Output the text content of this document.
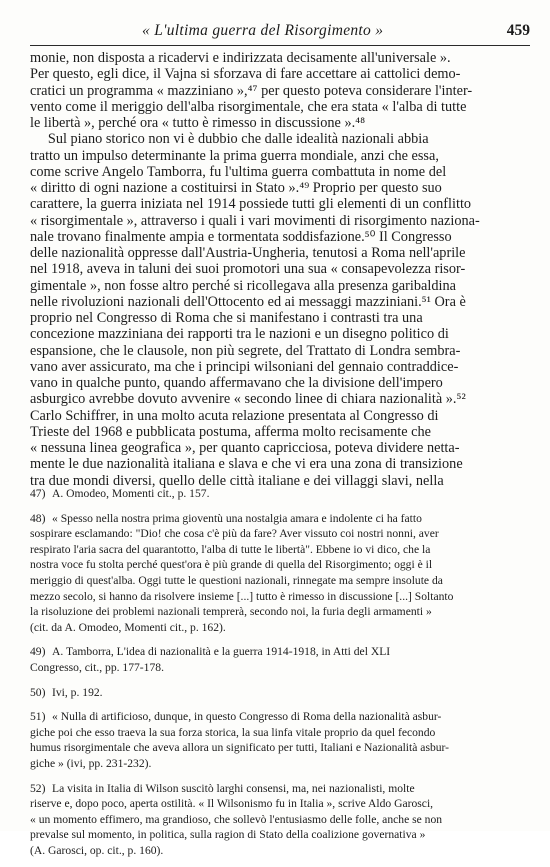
« L'ultima guerra del Risorgimento »	459
monie, non disposta a ricadervi e indirizzata decisamente all'universale ».
Per questo, egli dice, il Vajna si sforzava di fare accettare ai cattolici demo-
cratici un programma « mazziniano »,⁴⁷ per questo poteva considerare l'inter-
vento come il meriggio dell'alba risorgimentale, che era stata « l'alba di tutte
le libertà », perché ora « tutto è rimesso in discussione ».⁴⁸
Sul piano storico non vi è dubbio che dalle idealità nazionali abbia
tratto un impulso determinante la prima guerra mondiale, anzi che essa,
come scrive Angelo Tamborra, fu l'ultima guerra combattuta in nome del
« diritto di ogni nazione a costituirsi in Stato ».⁴⁹ Proprio per questo suo
carattere, la guerra iniziata nel 1914 possiede tutti gli elementi di un conflitto
« risorgimentale », attraverso i quali i vari movimenti di risorgimento naziona-
nale trovano finalmente ampia e tormentata soddisfazione.⁵⁰ Il Congresso
delle nazionalità oppresse dall'Austria-Ungheria, tenutosi a Roma nell'aprile
nel 1918, aveva in taluni dei suoi promotori una sua « consapevolezza risor-
gimentale », non fosse altro perché si ricollegava alla presenza garibaldina
nelle rivoluzioni nazionali dell'Ottocento ed ai messaggi mazziniani.⁵¹ Ora è
proprio nel Congresso di Roma che si manifestano i contrasti tra una
concezione mazziniana dei rapporti tra le nazioni e un disegno politico di
espansione, che le clausole, non più segrete, del Trattato di Londra sembra-
vano aver assicurato, ma che i principi wilsoniani del gennaio contraddice-
vano in qualche punto, quando affermavano che la divisione dell'impero
asburgico avrebbe dovuto avvenire « secondo linee di chiara nazionalità ».⁵²
Carlo Schiffrer, in una molto acuta relazione presentata al Congresso di
Trieste del 1968 e pubblicata postuma, afferma molto recisamente che
« nessuna linea geografica », per quanto capricciosa, poteva dividere netta-
mente le due nazionalità italiana e slava e che vi era una zona di transizione
tra due mondi diversi, quello delle città italiane e dei villaggi slavi, nella
47) A. Omodeo, Momenti cit., p. 157.
48) « Spesso nella nostra prima gioventù una nostalgia amara e indolente ci ha fatto
sospirare esclamando: "Dio! che cosa c'è più da fare? Aver vissuto coi nostri nonni, aver
respirato l'aria sacra del quarantotto, l'alba di tutte le libertà". Ebbene io vi dico, che la
nostra voce fu stolta perché quest'ora è più grande di quella del Risorgimento; oggi è il
meriggio di quest'alba. Oggi tutte le questioni nazionali, rinnegate ma sempre insolute da
mezzo secolo, si hanno da risolvere insieme [...] tutto è rimesso in discussione [...] Soltanto
la risoluzione dei problemi nazionali temprerà, secondo noi, la furia degli armamenti »
(cit. da A. Omodeo, Momenti cit., p. 162).
49) A. Tamborra, L'idea di nazionalità e la guerra 1914-1918, in Atti del XLI
Congresso, cit., pp. 177-178.
50) Ivi, p. 192.
51) « Nulla di artificioso, dunque, in questo Congresso di Roma della nazionalità asbur-
giche poi che esso traeva la sua forza storica, la sua linfa vitale proprio da quel fecondo
humus risorgimentale che aveva allora un significato per tutti, Italiani e Nazionalità asbur-
giche » (ivi, pp. 231-232).
52) La visita in Italia di Wilson suscitò larghi consensi, ma, nei nazionalisti, molte
riserve e, dopo poco, aperta ostilità. « Il Wilsonismo fu in Italia », scrive Aldo Garosci,
« un momento effimero, ma grandioso, che sollevò l'entusiasmo delle folle, anche se non
prevalse sul momento, in politica, sulla ragion di Stato della coalizione governativa »
(A. Garosci, op. cit., p. 160).
